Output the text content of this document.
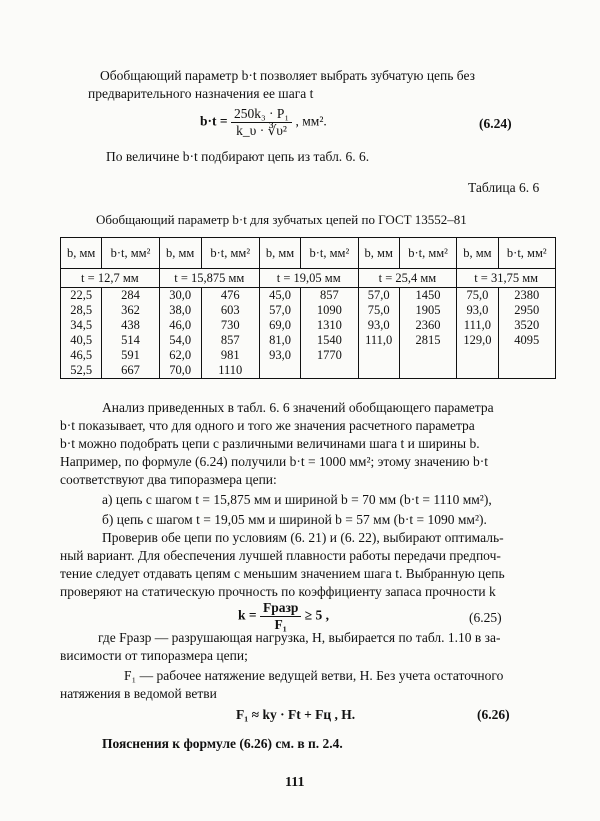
Обобщающий параметр b·t позволяет выбрать зубчатую цепь без
предварительного назначения ее шага t
$b\cdot t = \frac{\text{250k₃ · P₁}}{\text{k\_υ · ∛υ²}}$ , мм².	(6.24)
По величине b·t подбирают цепь из табл. 6. 6.
Таблица 6. 6
Обобщающий параметр b·t для зубчатых цепей по ГОСТ 13552–81
b, мм	b·t, мм²	b, мм	b·t, мм²	b, мм	b·t, мм²	b, мм	b·t, мм²	b, мм	b·t, мм²
t = 12,7 мм		t = 15,875 мм		t = 19,05 мм		t = 25,4 мм		t = 31,75 мм	
22,5	284	30,0	476	45,0	857	57,0	1450	75,0	2380
28,5	362	38,0	603	57,0	1090	75,0	1905	93,0	2950
34,5	438	46,0	730	69,0	1310	93,0	2360	111,0	3520
40,5	514	54,0	857	81,0	1540	111,0	2815	129,0	4095
46,5	591	62,0	981	93,0	1770				
52,5	667	70,0	1110						
Анализ приведенных в табл. 6. 6 значений обобщающего параметра
b·t показывает, что для одного и того же значения расчетного параметра
b·t можно подобрать цепи с различными величинами шага t и ширины b.
Например, по формуле (6.24) получили b·t = 1000 мм²; этому значению b·t
соответствуют два типоразмера цепи:
а) цепь с шагом t = 15,875 мм и шириной b = 70 мм (b·t = 1110 мм²),
б) цепь с шагом t = 19,05 мм и шириной b = 57 мм (b·t = 1090 мм²).
Проверив обе цепи по условиям (6. 21) и (6. 22), выбирают оптималь-
ный вариант. Для обеспечения лучшей плавности работы передачи предпоч-
тение следует отдавать цепям с меньшим значением шага t. Выбранную цепь
проверяют на статическую прочность по коэффициенту запаса прочности k
$k = \frac{\text{Fразр}}{\text{F₁}} \ge 5$ ,	(6.25)
где Fразр — разрушающая нагрузка, Н, выбирается по табл. 1.10 в за-
висимости от типоразмера цепи;
F₁ — рабочее натяжение ведущей ветви, Н. Без учета остаточного
натяжения в ведомой ветви
F₁ ≈ kу · Ft + Fц , Н.	(6.26)
Пояснения к формуле (6.26) см. в п. 2.4.
111
